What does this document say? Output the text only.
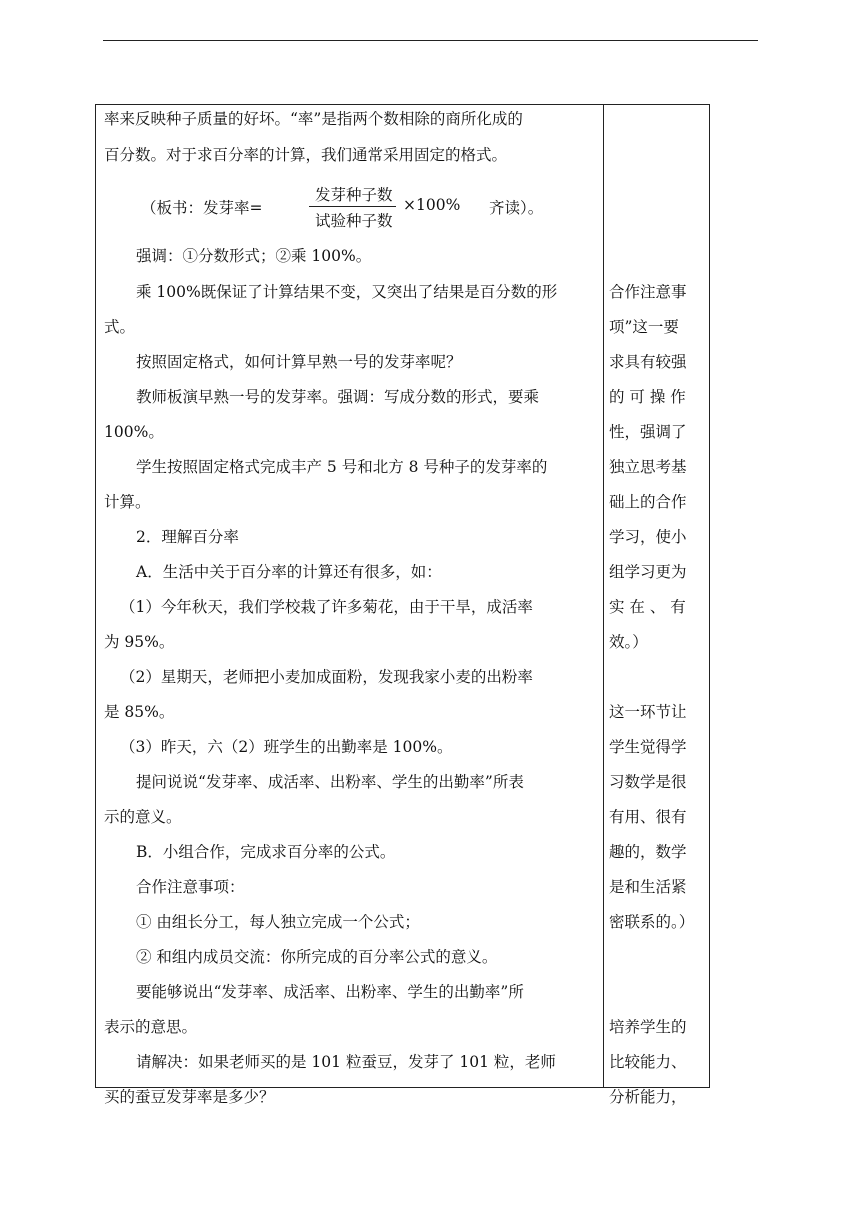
率来反映种子质量的好坏。“率”是指两个数相除的商所化成的
百分数。对于求百分率的计算，我们通常采用固定的格式。
（板书：发芽率=
发芽种子数
试验种子数
×100% 齐读）。
强调：①分数形式；②乘 100%。
乘 100%既保证了计算结果不变，又突出了结果是百分数的形
式。
按照固定格式，如何计算早熟一号的发芽率呢？
教师板演早熟一号的发芽率。强调：写成分数的形式，要乘
100%。
学生按照固定格式完成丰产 5 号和北方 8 号种子的发芽率的
计算。
2．理解百分率
A．生活中关于百分率的计算还有很多，如：
（1）今年秋天，我们学校栽了许多菊花，由于干旱，成活率
为 95%。
（2）星期天，老师把小麦加成面粉，发现我家小麦的出粉率
是 85%。
（3）昨天，六（2）班学生的出勤率是 100%。
提问说说“发芽率、成活率、出粉率、学生的出勤率”所表
示的意义。
B．小组合作，完成求百分率的公式。
合作注意事项：
① 由组长分工，每人独立完成一个公式；
② 和组内成员交流：你所完成的百分率公式的意义。
要能够说出“发芽率、成活率、出粉率、学生的出勤率”所
表示的意思。
请解决：如果老师买的是 101 粒蚕豆，发芽了 101 粒，老师
买的蚕豆发芽率是多少？
合作注意事
项”这一要
求具有较强
的 可 操 作
性，强调了
独立思考基
础上的合作
学习，使小
组学习更为
实 在 、 有
效。）
这一环节让
学生觉得学
习数学是很
有用、很有
趣的，数学
是和生活紧
密联系的。）
培养学生的
比较能力、
分析能力，
